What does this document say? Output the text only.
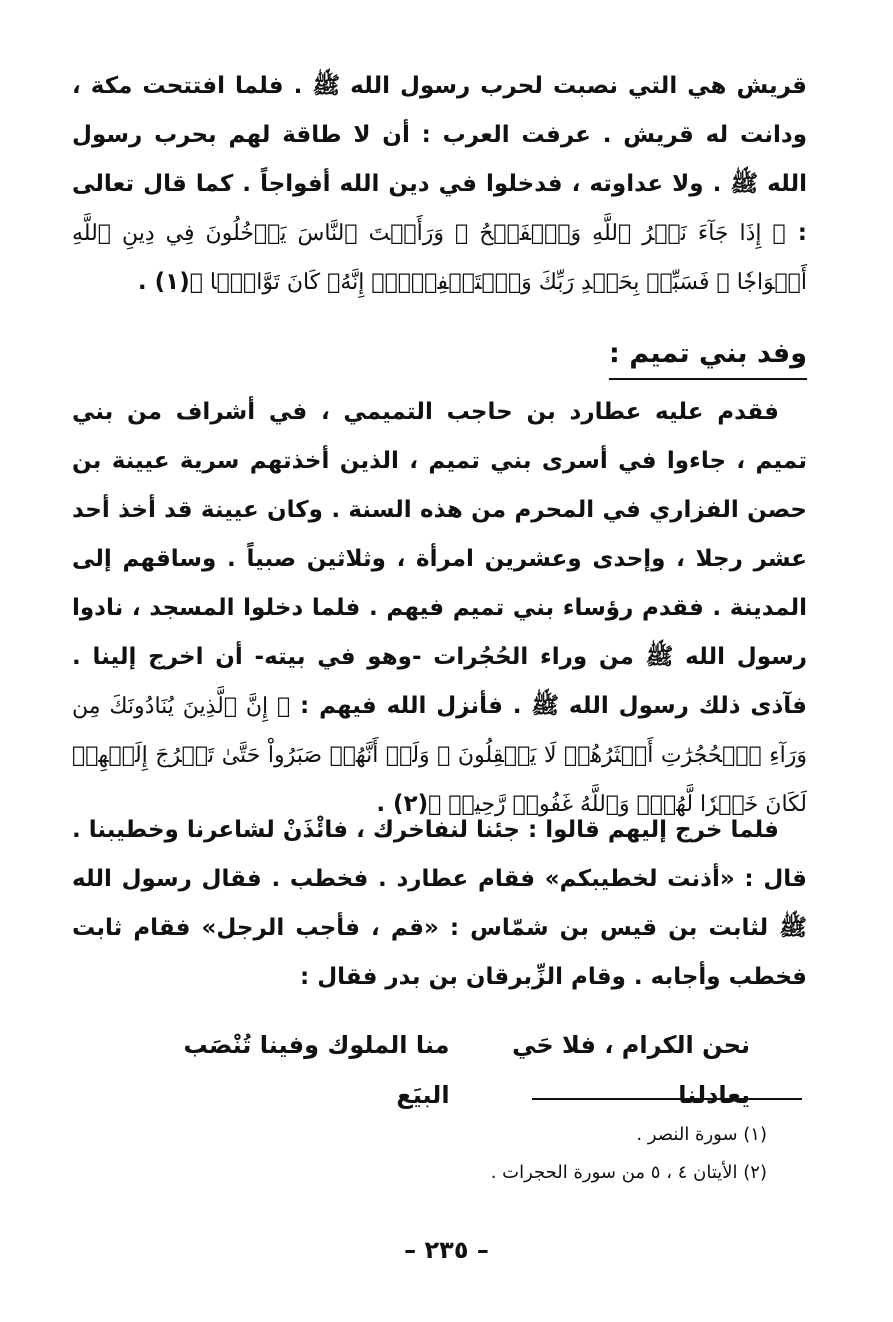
قريش هي التي نصبت لحرب رسول الله ﷺ . فلما افتتحت مكة ، ودانت له قريش . عرفت العرب : أن لا طاقة لهم بحرب رسول الله ﷺ . ولا عداوته ، فدخلوا في دين الله أفواجاً . كما قال تعالى : ﴿ إِذَا جَآءَ نَصۡرُ ٱللَّهِ وَٱلۡفَتۡحُ ۞ وَرَأَيۡتَ ٱلنَّاسَ يَدۡخُلُونَ فِي دِينِ ٱللَّهِ أَفۡوَاجٗا ۞ فَسَبِّحۡ بِحَمۡدِ رَبِّكَ وَٱسۡتَغۡفِرۡهُۚ إِنَّهُۥ كَانَ تَوَّابَۢا ﴾(١) .

وفد بني تميم :

فقدم عليه عطارد بن حاجب التميمي ، في أشراف من بني تميم ، جاءوا في أسرى بني تميم ، الذين أخذتهم سرية عيينة بن حصن الفزاري في المحرم من هذه السنة . وكان عيينة قد أخذ أحد عشر رجلا ، وإحدى وعشرين امرأة ، وثلاثين صبياً . وساقهم إلى المدينة . فقدم رؤساء بني تميم فيهم . فلما دخلوا المسجد ، نادوا رسول الله ﷺ من وراء الحُجُرات -وهو في بيته- أن اخرج إلينا . فآذى ذلك رسول الله ﷺ . فأنزل الله فيهم : ﴿ إِنَّ ٱلَّذِينَ يُنَادُونَكَ مِن وَرَآءِ ٱلۡحُجُرَٰتِ أَكۡثَرُهُمۡ لَا يَعۡقِلُونَ ۞ وَلَوۡ أَنَّهُمۡ صَبَرُواْ حَتَّىٰ تَخۡرُجَ إِلَيۡهِمۡ لَكَانَ خَيۡرٗا لَّهُمۡۚ وَٱللَّهُ غَفُورٞ رَّحِيمٞ ﴾(٢) .

فلما خرج إليهم قالوا : جئنا لنفاخرك ، فائْذَنْ لشاعرنا وخطيبنا . قال : «أذنت لخطيبكم» فقام عطارد . فخطب . فقال رسول الله ﷺ لثابت بن قيس بن شمّاس : «قم ، فأجب الرجل» فقام ثابت فخطب وأجابه . وقام الزِّبرقان بن بدر فقال :

نحن الكرام ، فلا حَي يعادلنا
منا الملوك وفينا تُنْصَب البيَع
(١) سورة النصر .
(٢) الأيتان ٤ ، ٥ من سورة الحجرات .
– ٢٣٥ –
